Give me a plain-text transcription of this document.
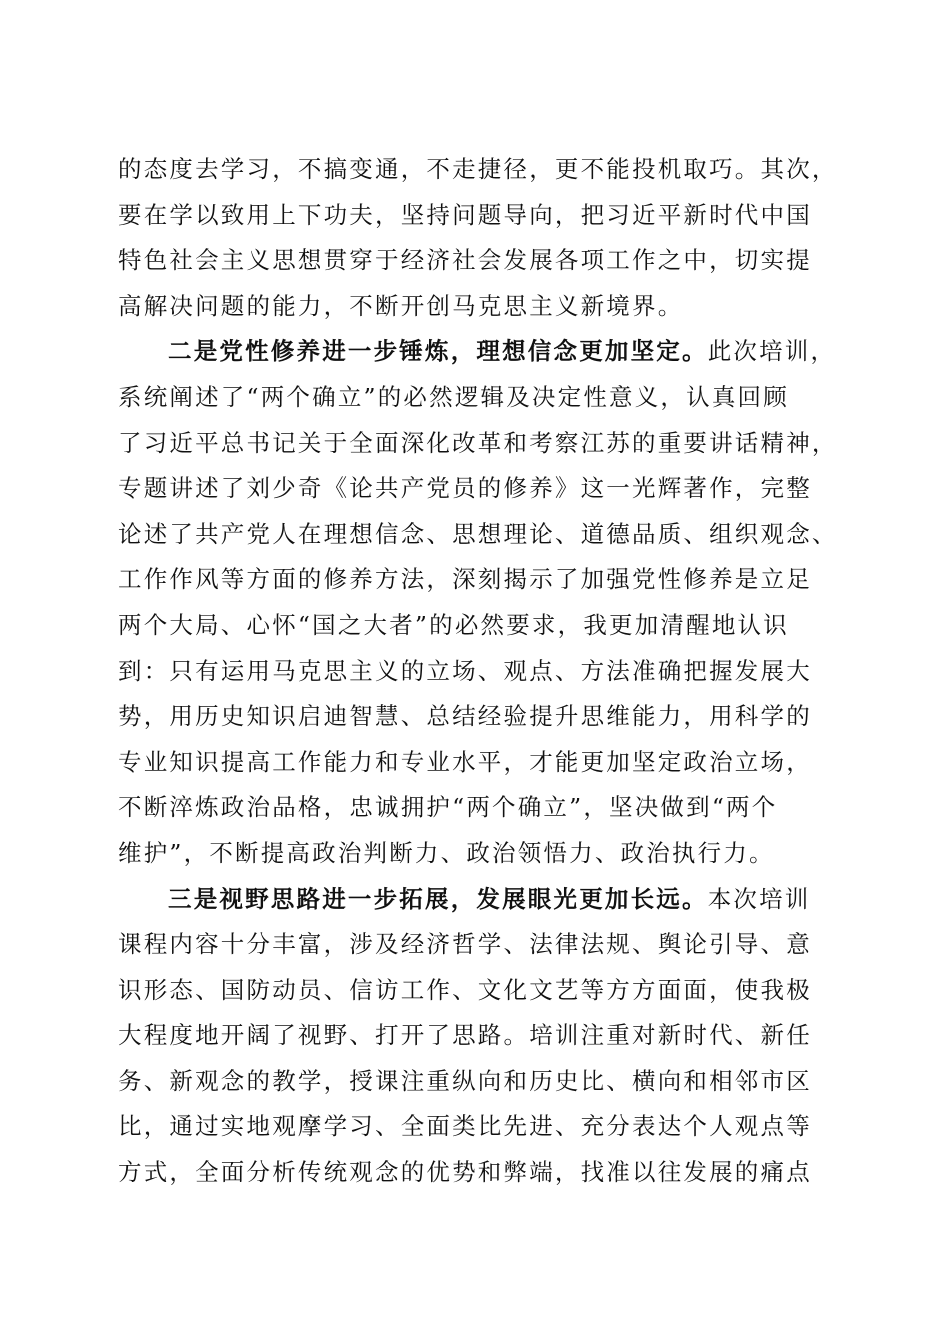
的态度去学习，不搞变通，不走捷径，更不能投机取巧。其次，
要在学以致用上下功夫，坚持问题导向，把习近平新时代中国
特色社会主义思想贯穿于经济社会发展各项工作之中，切实提
高解决问题的能力，不断开创马克思主义新境界。
二是党性修养进一步锤炼，理想信念更加坚定。此次培训，
系统阐述了“两个确立”的必然逻辑及决定性意义，认真回顾
了习近平总书记关于全面深化改革和考察江苏的重要讲话精神，
专题讲述了刘少奇《论共产党员的修养》这一光辉著作，完整
论述了共产党人在理想信念、思想理论、道德品质、组织观念、
工作作风等方面的修养方法，深刻揭示了加强党性修养是立足
两个大局、心怀“国之大者”的必然要求，我更加清醒地认识
到：只有运用马克思主义的立场、观点、方法准确把握发展大
势，用历史知识启迪智慧、总结经验提升思维能力，用科学的
专业知识提高工作能力和专业水平，才能更加坚定政治立场，
不断淬炼政治品格，忠诚拥护“两个确立”，坚决做到“两个
维护”，不断提高政治判断力、政治领悟力、政治执行力。
三是视野思路进一步拓展，发展眼光更加长远。本次培训
课程内容十分丰富，涉及经济哲学、法律法规、舆论引导、意
识形态、国防动员、信访工作、文化文艺等方方面面，使我极
大程度地开阔了视野、打开了思路。培训注重对新时代、新任
务、新观念的教学，授课注重纵向和历史比、横向和相邻市区
比，通过实地观摩学习、全面类比先进、充分表达个人观点等
方式，全面分析传统观念的优势和弊端，找准以往发展的痛点
